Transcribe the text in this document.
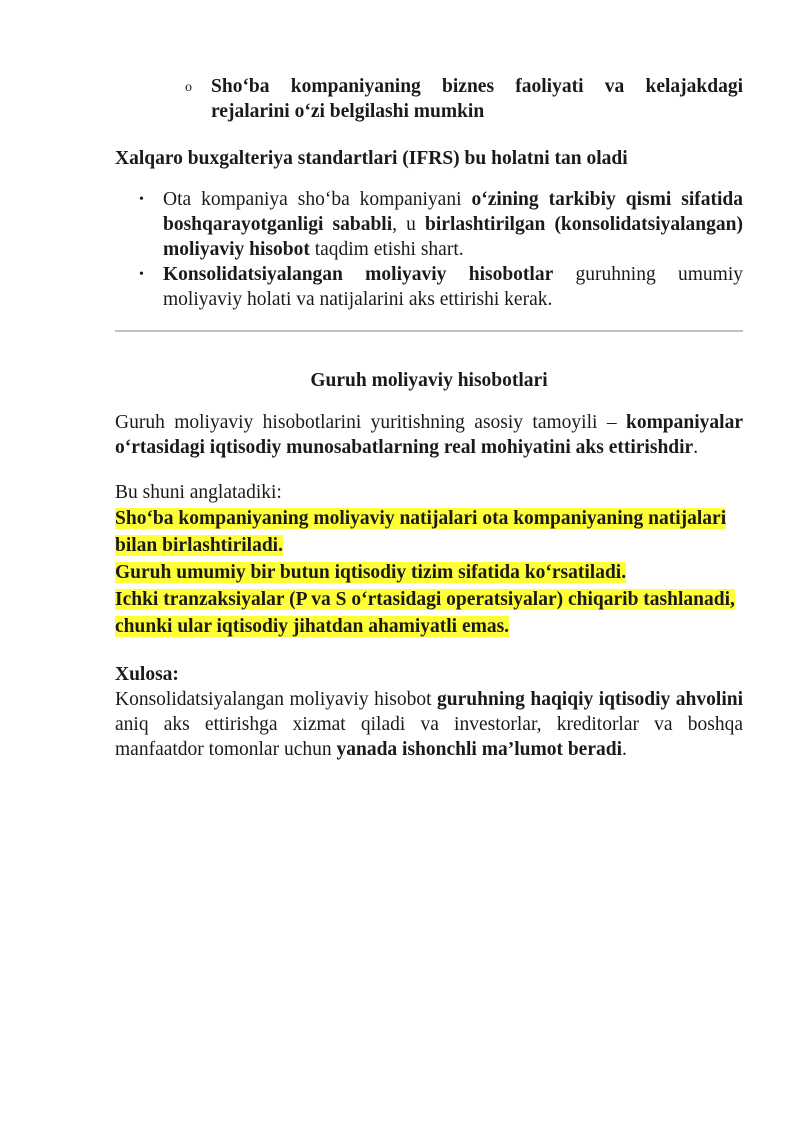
o Sho‘ba kompaniyaning biznes faoliyati va kelajakdagi rejalarini o‘zi belgilashi mumkin

Xalqaro buxgalteriya standartlari (IFRS) bu holatni tan oladi

• Ota kompaniya sho‘ba kompaniyani o‘zining tarkibiy qismi sifatida boshqarayotganligi sababli, u birlashtirilgan (konsolidatsiyalangan) moliyaviy hisobot taqdim etishi shart.
• Konsolidatsiyalangan moliyaviy hisobotlar guruhning umumiy moliyaviy holati va natijalarini aks ettirishi kerak.

Guruh moliyaviy hisobotlari

Guruh moliyaviy hisobotlarini yuritishning asosiy tamoyili – kompaniyalar o‘rtasidagi iqtisodiy munosabatlarning real mohiyatini aks ettirishdir.

Bu shuni anglatadiki:

Sho‘ba kompaniyaning moliyaviy natijalari ota kompaniyaning natijalari bilan birlashtiriladi.

Guruh umumiy bir butun iqtisodiy tizim sifatida ko‘rsatiladi.

Ichki tranzaksiyalar (P va S o‘rtasidagi operatsiyalar) chiqarib tashlanadi, chunki ular iqtisodiy jihatdan ahamiyatli emas.

Xulosa:

Konsolidatsiyalangan moliyaviy hisobot guruhning haqiqiy iqtisodiy ahvolini aniq aks ettirishga xizmat qiladi va investorlar, kreditorlar va boshqa manfaatdor tomonlar uchun yanada ishonchli ma’lumot beradi.
